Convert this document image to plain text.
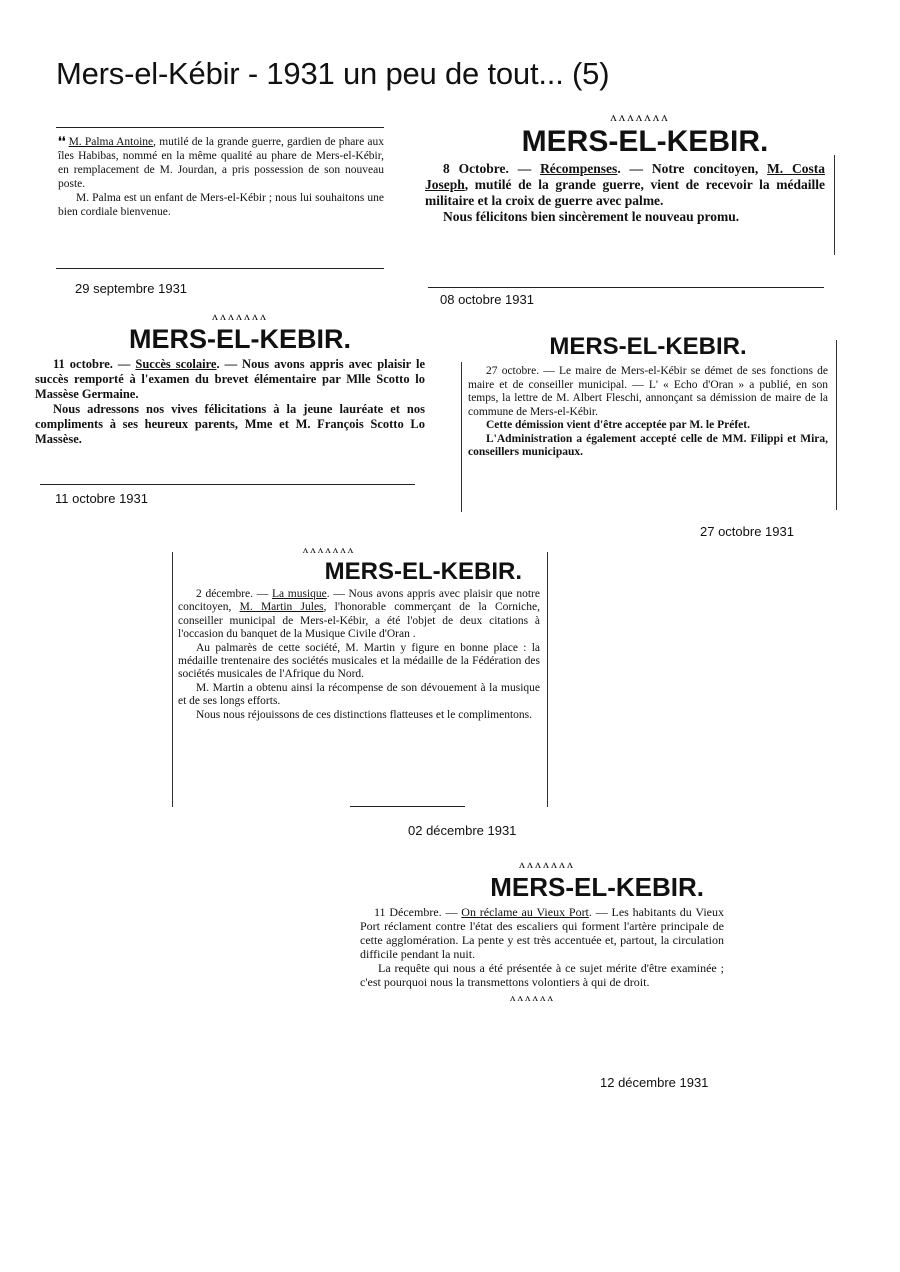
Mers-el-Kébir - 1931 un peu de tout... (5)

❛❛ M. Palma Antoine, mutilé de la grande guerre, gardien de phare aux îles Habibas, nommé en la même qualité au phare de Mers-el-Kébir, en remplacement de M. Jourdan, a pris possession de son nouveau poste.

M. Palma est un enfant de Mers-el-Kébir ; nous lui souhaitons une bien cordiale bienvenue.

29 septembre 1931
ᴧᴧᴧᴧᴧᴧᴧ
MERS-EL-KEBIR.

8 Octobre. — Récompenses. — Notre concitoyen, M. Costa Joseph, mutilé de la grande guerre, vient de recevoir la médaille militaire et la croix de guerre avec palme.

Nous félicitons bien sincèrement le nouveau promu.

08 octobre 1931
ᴧᴧᴧᴧᴧᴧᴧ
MERS-EL-KEBIR.

11 octobre. — Succès scolaire. — Nous avons appris avec plaisir le succès remporté à l'examen du brevet élémentaire par Mlle Scotto lo Massèse Germaine.

Nous adressons nos vives félicitations à la jeune lauréate et nos compliments à ses heureux parents, Mme et M. François Scotto Lo Massèse.

11 octobre 1931
MERS-EL-KEBIR.

27 octobre. — Le maire de Mers-el-Kébir se démet de ses fonctions de maire et de conseiller municipal. — L' « Echo d'Oran » a publié, en son temps, la lettre de M. Albert Fleschi, annonçant sa démission de maire de la commune de Mers-el-Kébir.

Cette démission vient d'être acceptée par M. le Préfet.

L'Administration a également accepté celle de MM. Filippi et Mira, conseillers municipaux.

27 octobre 1931
ᴧᴧᴧᴧᴧᴧᴧ
MERS-EL-KEBIR.

2 décembre. — La musique. — Nous avons appris avec plaisir que notre concitoyen, M. Martin Jules, l'honorable commerçant de la Corniche, conseiller municipal de Mers-el-Kébir, a été l'objet de deux citations à l'occasion du banquet de la Musique Civile d'Oran .

Au palmarès de cette société, M. Martin y figure en bonne place : la médaille trentenaire des sociétés musicales et la médaille de la Fédération des sociétés musicales de l'Afrique du Nord.

M. Martin a obtenu ainsi la récompense de son dévouement à la musique et de ses longs efforts.

Nous nous réjouissons de ces distinctions flatteuses et le complimentons.

02 décembre 1931
ᴧᴧᴧᴧᴧᴧᴧ
MERS-EL-KEBIR.

11 Décembre. — On réclame au Vieux Port. — Les habitants du Vieux Port réclament contre l'état des escaliers qui forment l'artère principale de cette agglomération. La pente y est très accentuée et, partout, la circulation difficile pendant la nuit.

La requête qui nous a été présentée à ce sujet mérite d'être examinée ; c'est pourquoi nous la transmettons volontiers à qui de droit.

ᴧᴧᴧᴧᴧᴧ
12 décembre 1931
